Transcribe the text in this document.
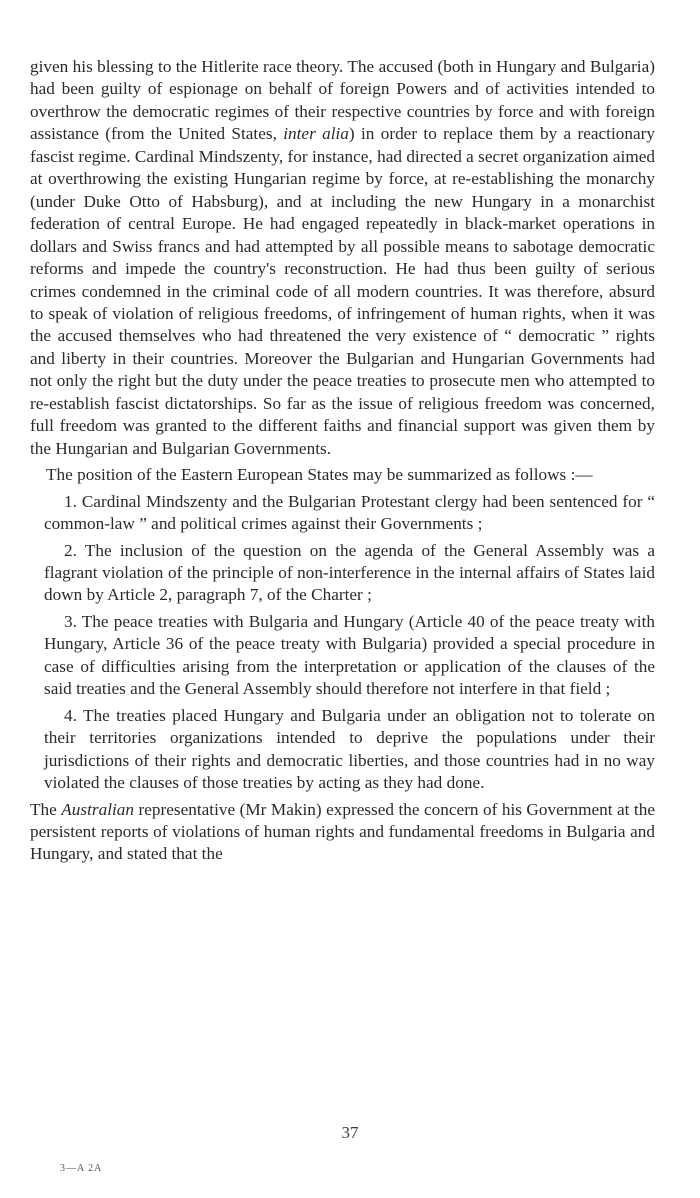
given his blessing to the Hitlerite race theory. The accused (both in Hungary and Bulgaria) had been guilty of espionage on behalf of foreign Powers and of activities intended to overthrow the democratic regimes of their respective countries by force and with foreign assistance (from the United States, inter alia) in order to replace them by a reactionary fascist regime. Cardinal Mindszenty, for instance, had directed a secret organization aimed at overthrowing the existing Hungarian regime by force, at re-establishing the monarchy (under Duke Otto of Habsburg), and at including the new Hungary in a monarchist federation of central Europe. He had engaged repeatedly in black-market operations in dollars and Swiss francs and had attempted by all possible means to sabotage democratic reforms and impede the country's reconstruction. He had thus been guilty of serious crimes condemned in the criminal code of all modern countries. It was therefore, absurd to speak of violation of religious freedoms, of infringement of human rights, when it was the accused themselves who had threatened the very existence of “ democratic ” rights and liberty in their countries. Moreover the Bulgarian and Hungarian Governments had not only the right but the duty under the peace treaties to prosecute men who attempted to re-establish fascist dictatorships. So far as the issue of religious freedom was concerned, full freedom was granted to the different faiths and financial support was given them by the Hungarian and Bulgarian Governments.

The position of the Eastern European States may be summarized as follows :—

1. Cardinal Mindszenty and the Bulgarian Protestant clergy had been sentenced for “ common-law ” and political crimes against their Governments ;

2. The inclusion of the question on the agenda of the General Assembly was a flagrant violation of the principle of non-interference in the internal affairs of States laid down by Article 2, paragraph 7, of the Charter ;

3. The peace treaties with Bulgaria and Hungary (Article 40 of the peace treaty with Hungary, Article 36 of the peace treaty with Bulgaria) provided a special procedure in case of difficulties arising from the interpretation or application of the clauses of the said treaties and the General Assembly should therefore not interfere in that field ;

4. The treaties placed Hungary and Bulgaria under an obligation not to tolerate on their territories organizations intended to deprive the populations under their jurisdictions of their rights and democratic liberties, and those countries had in no way violated the clauses of those treaties by acting as they had done.

The Australian representative (Mr Makin) expressed the concern of his Government at the persistent reports of violations of human rights and fundamental freedoms in Bulgaria and Hungary, and stated that the

37
3—A 2A
